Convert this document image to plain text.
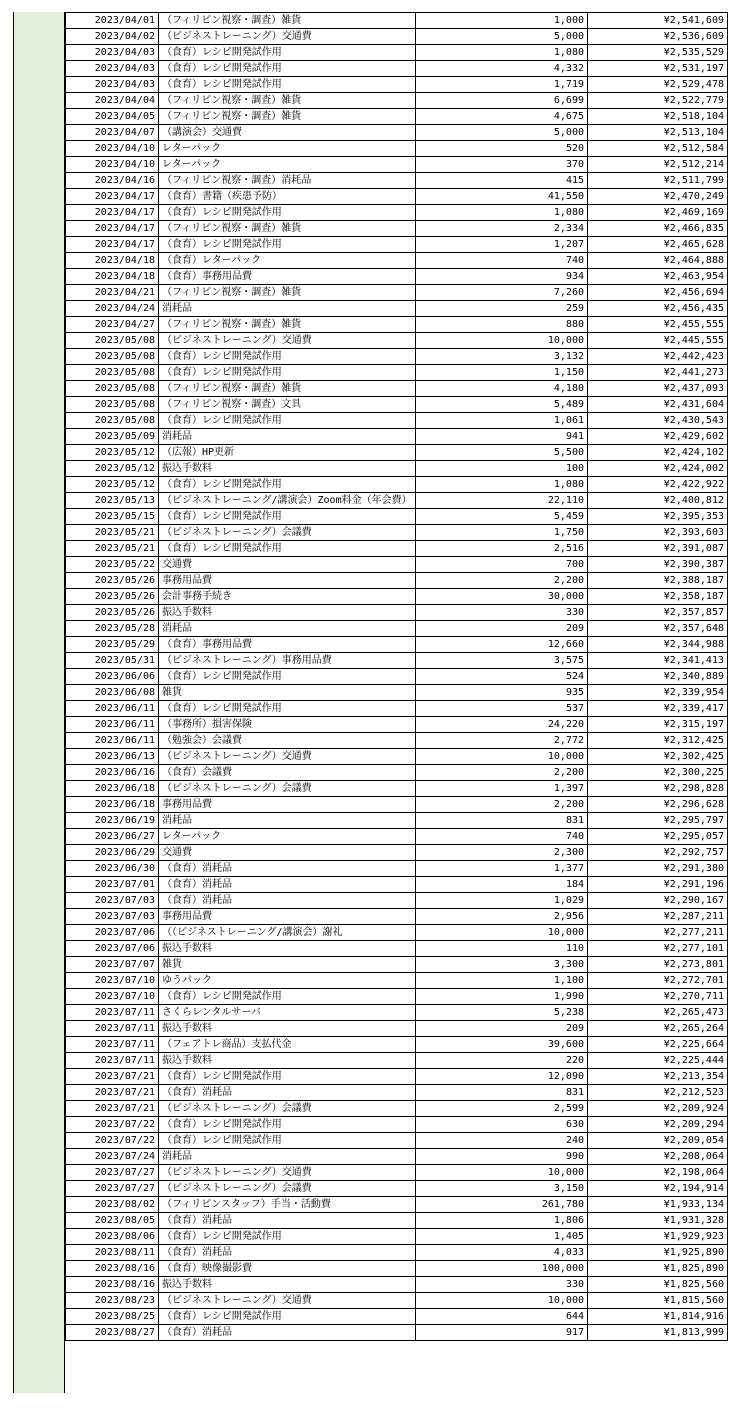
2023/04/01	（フィリピン視察・調査）雑貨	1,000	¥2,541,609
2023/04/02	（ビジネストレーニング）交通費	5,000	¥2,536,609
2023/04/03	（食育）レシピ開発試作用	1,080	¥2,535,529
2023/04/03	（食育）レシピ開発試作用	4,332	¥2,531,197
2023/04/03	（食育）レシピ開発試作用	1,719	¥2,529,478
2023/04/04	（フィリピン視察・調査）雑貨	6,699	¥2,522,779
2023/04/05	（フィリピン視察・調査）雑貨	4,675	¥2,518,104
2023/04/07	（講演会）交通費	5,000	¥2,513,104
2023/04/10	レターパック	520	¥2,512,584
2023/04/10	レターパック	370	¥2,512,214
2023/04/16	（フィリピン視察・調査）消耗品	415	¥2,511,799
2023/04/17	（食育）書籍（疾患予防）	41,550	¥2,470,249
2023/04/17	（食育）レシピ開発試作用	1,080	¥2,469,169
2023/04/17	（フィリピン視察・調査）雑貨	2,334	¥2,466,835
2023/04/17	（食育）レシピ開発試作用	1,207	¥2,465,628
2023/04/18	（食育）レターパック	740	¥2,464,888
2023/04/18	（食育）事務用品費	934	¥2,463,954
2023/04/21	（フィリピン視察・調査）雑貨	7,260	¥2,456,694
2023/04/24	消耗品	259	¥2,456,435
2023/04/27	（フィリピン視察・調査）雑貨	880	¥2,455,555
2023/05/08	（ビジネストレーニング）交通費	10,000	¥2,445,555
2023/05/08	（食育）レシピ開発試作用	3,132	¥2,442,423
2023/05/08	（食育）レシピ開発試作用	1,150	¥2,441,273
2023/05/08	（フィリピン視察・調査）雑貨	4,180	¥2,437,093
2023/05/08	（フィリピン視察・調査）文具	5,489	¥2,431,604
2023/05/08	（食育）レシピ開発試作用	1,061	¥2,430,543
2023/05/09	消耗品	941	¥2,429,602
2023/05/12	（広報）HP更新	5,500	¥2,424,102
2023/05/12	振込手数料	100	¥2,424,002
2023/05/12	（食育）レシピ開発試作用	1,080	¥2,422,922
2023/05/13	（ビジネストレーニング/講演会）Zoom料金（年会費）	22,110	¥2,400,812
2023/05/15	（食育）レシピ開発試作用	5,459	¥2,395,353
2023/05/21	（ビジネストレーニング）会議費	1,750	¥2,393,603
2023/05/21	（食育）レシピ開発試作用	2,516	¥2,391,087
2023/05/22	交通費	700	¥2,390,387
2023/05/26	事務用品費	2,200	¥2,388,187
2023/05/26	会計事務手続き	30,000	¥2,358,187
2023/05/26	振込手数料	330	¥2,357,857
2023/05/28	消耗品	209	¥2,357,648
2023/05/29	（食育）事務用品費	12,660	¥2,344,988
2023/05/31	（ビジネストレーニング）事務用品費	3,575	¥2,341,413
2023/06/06	（食育）レシピ開発試作用	524	¥2,340,889
2023/06/08	雑貨	935	¥2,339,954
2023/06/11	（食育）レシピ開発試作用	537	¥2,339,417
2023/06/11	（事務所）損害保険	24,220	¥2,315,197
2023/06/11	（勉強会）会議費	2,772	¥2,312,425
2023/06/13	（ビジネストレーニング）交通費	10,000	¥2,302,425
2023/06/16	（食育）会議費	2,200	¥2,300,225
2023/06/18	（ビジネストレーニング）会議費	1,397	¥2,298,828
2023/06/18	事務用品費	2,200	¥2,296,628
2023/06/19	消耗品	831	¥2,295,797
2023/06/27	レターパック	740	¥2,295,057
2023/06/29	交通費	2,300	¥2,292,757
2023/06/30	（食育）消耗品	1,377	¥2,291,380
2023/07/01	（食育）消耗品	184	¥2,291,196
2023/07/03	（食育）消耗品	1,029	¥2,290,167
2023/07/03	事務用品費	2,956	¥2,287,211
2023/07/06	（（ビジネストレーニング/講演会）謝礼	10,000	¥2,277,211
2023/07/06	振込手数料	110	¥2,277,101
2023/07/07	雑貨	3,300	¥2,273,801
2023/07/10	ゆうパック	1,100	¥2,272,701
2023/07/10	（食育）レシピ開発試作用	1,990	¥2,270,711
2023/07/11	さくらレンタルサーバ	5,238	¥2,265,473
2023/07/11	振込手数料	209	¥2,265,264
2023/07/11	（フェアトレ商品）支払代金	39,600	¥2,225,664
2023/07/11	振込手数料	220	¥2,225,444
2023/07/21	（食育）レシピ開発試作用	12,090	¥2,213,354
2023/07/21	（食育）消耗品	831	¥2,212,523
2023/07/21	（ビジネストレーニング）会議費	2,599	¥2,209,924
2023/07/22	（食育）レシピ開発試作用	630	¥2,209,294
2023/07/22	（食育）レシピ開発試作用	240	¥2,209,054
2023/07/24	消耗品	990	¥2,208,064
2023/07/27	（ビジネストレーニング）交通費	10,000	¥2,198,064
2023/07/27	（ビジネストレーニング）会議費	3,150	¥2,194,914
2023/08/02	（フィリピンスタッフ）手当・活動費	261,780	¥1,933,134
2023/08/05	（食育）消耗品	1,806	¥1,931,328
2023/08/06	（食育）レシピ開発試作用	1,405	¥1,929,923
2023/08/11	（食育）消耗品	4,033	¥1,925,890
2023/08/16	（食育）映像撮影費	100,000	¥1,825,890
2023/08/16	振込手数料	330	¥1,825,560
2023/08/23	（ビジネストレーニング）交通費	10,000	¥1,815,560
2023/08/25	（食育）レシピ開発試作用	644	¥1,814,916
2023/08/27	（食育）消耗品	917	¥1,813,999
